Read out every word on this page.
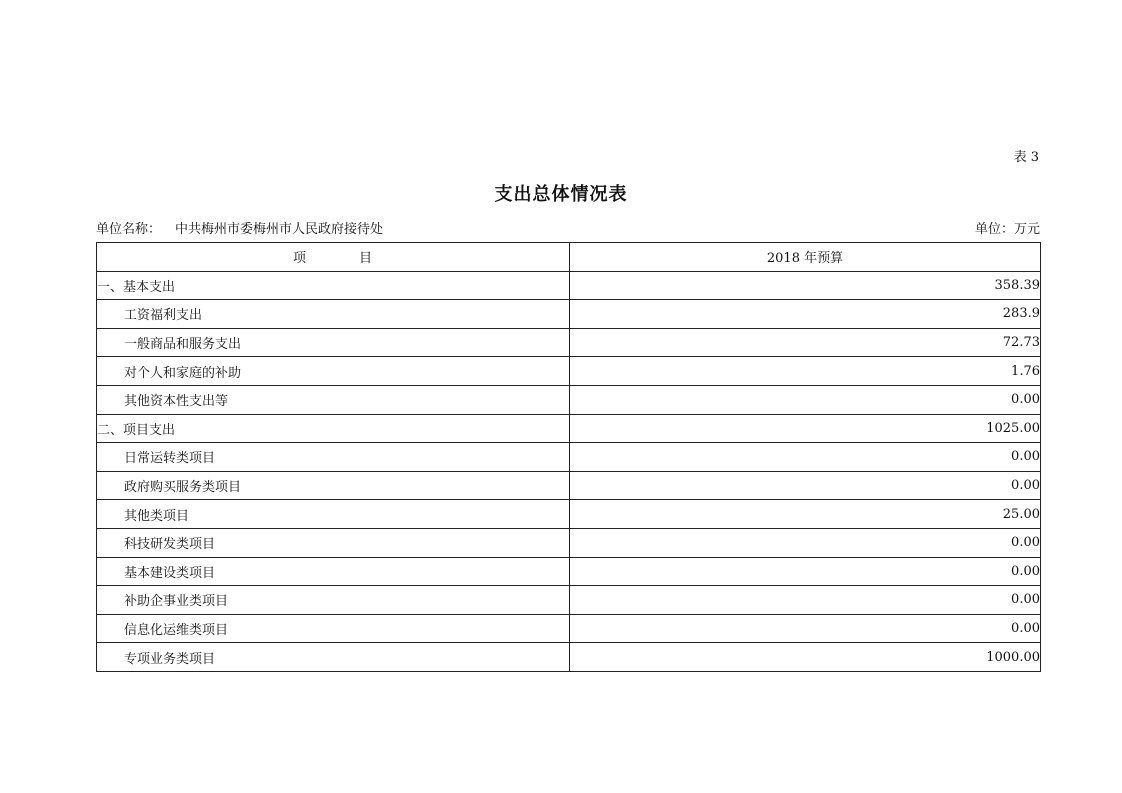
表 3
支出总体情况表
单位名称： 中共梅州市委梅州市人民政府接待处	单位：万元
项 目	2018 年预算
一、基本支出	358.39
工资福利支出	283.9
一般商品和服务支出	72.73
对个人和家庭的补助	1.76
其他资本性支出等	0.00
二、项目支出	1025.00
日常运转类项目	0.00
政府购买服务类项目	0.00
其他类项目	25.00
科技研发类项目	0.00
基本建设类项目	0.00
补助企事业类项目	0.00
信息化运维类项目	0.00
专项业务类项目	1000.00
